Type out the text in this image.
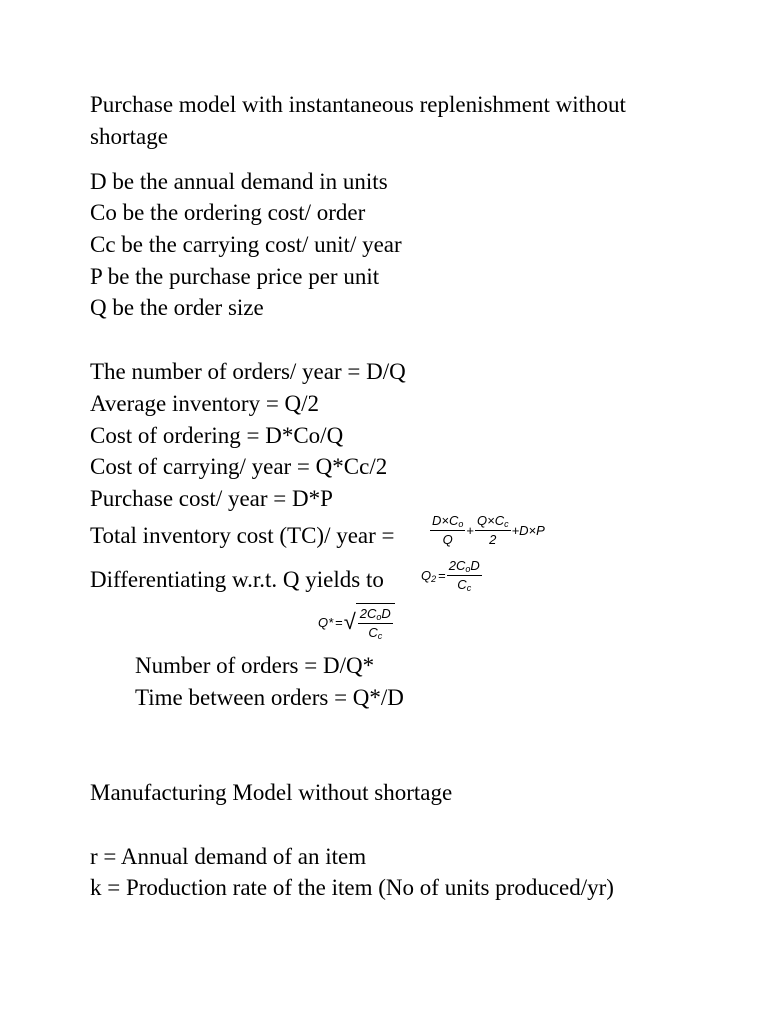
Purchase model with instantaneous replenishment without
shortage
D be the annual demand in units
Co be the ordering cost/ order
Cc be the carrying cost/ unit/ year
P be the purchase price per unit
Q be the order size
The number of orders/ year = D/Q
Average inventory = Q/2
Cost of ordering = D*Co/Q
Cost of carrying/ year = Q*Cc/2
Purchase cost/ year = D*P
Total inventory cost (TC)/ year =	$\frac{D\times C_o}{Q} + \frac{Q\times C_c}{2} +D\times P$
Differentiating w.r.t. Q yields to	$Q_2 = \frac{2C_oD}{C_c}$
Q* = √ $\frac{2C_oD}{C_c}$
Number of orders = D/Q*
Time between orders = Q*/D
Manufacturing Model without shortage
r = Annual demand of an item
k = Production rate of the item (No of units produced/yr)
